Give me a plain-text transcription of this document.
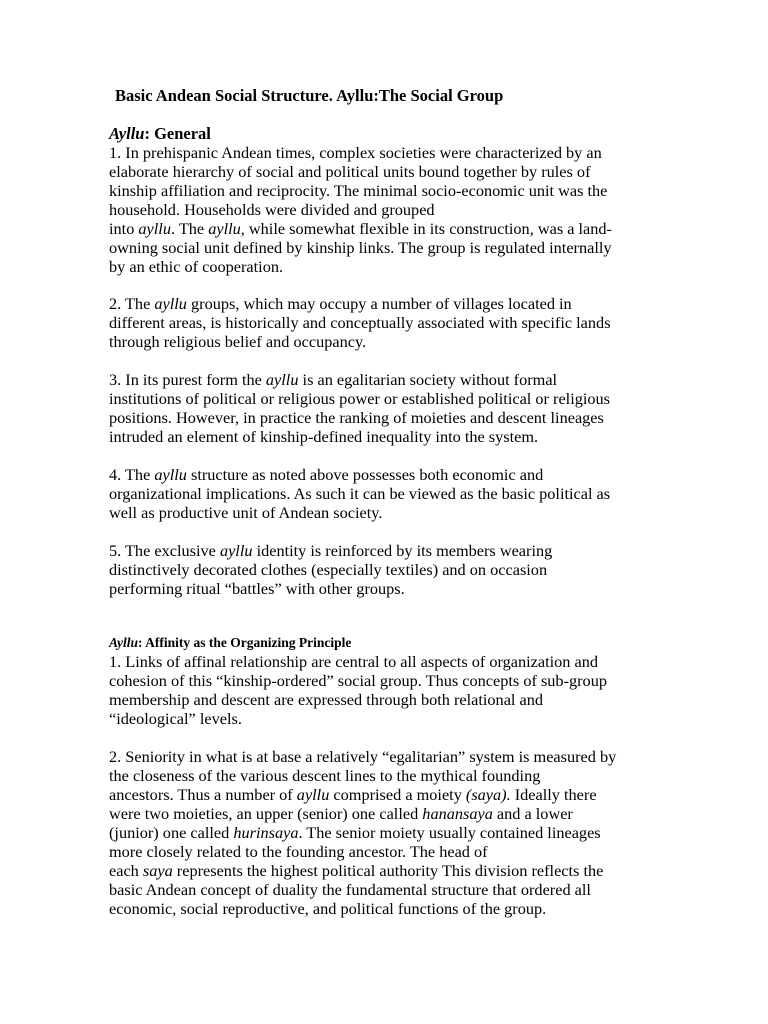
Basic Andean Social Structure. Ayllu:The Social Group
Ayllu: General
1. In prehispanic Andean times, complex societies were characterized by an
elaborate hierarchy of social and political units bound together by rules of
kinship affiliation and reciprocity. The minimal socio-economic unit was the
household. Households were divided and grouped
into ayllu. The ayllu, while somewhat flexible in its construction, was a land-
owning social unit defined by kinship links. The group is regulated internally
by an ethic of cooperation.
2. The ayllu groups, which may occupy a number of villages located in
different areas, is historically and conceptually associated with specific lands
through religious belief and occupancy.
3. In its purest form the ayllu is an egalitarian society without formal
institutions of political or religious power or established political or religious
positions. However, in practice the ranking of moieties and descent lineages
intruded an element of kinship-defined inequality into the system.
4. The ayllu structure as noted above possesses both economic and
organizational implications. As such it can be viewed as the basic political as
well as productive unit of Andean society.
5. The exclusive ayllu identity is reinforced by its members wearing
distinctively decorated clothes (especially textiles) and on occasion
performing ritual “battles” with other groups.
Ayllu: Affinity as the Organizing Principle
1. Links of affinal relationship are central to all aspects of organization and
cohesion of this “kinship-ordered” social group. Thus concepts of sub-group
membership and descent are expressed through both relational and
“ideological” levels.
2. Seniority in what is at base a relatively “egalitarian” system is measured by
the closeness of the various descent lines to the mythical founding
ancestors. Thus a number of ayllu comprised a moiety (saya). Ideally there
were two moieties, an upper (senior) one called hanansaya and a lower
(junior) one called hurinsaya. The senior moiety usually contained lineages
more closely related to the founding ancestor. The head of
each saya represents the highest political authority This division reflects the
basic Andean concept of duality the fundamental structure that ordered all
economic, social reproductive, and political functions of the group.
